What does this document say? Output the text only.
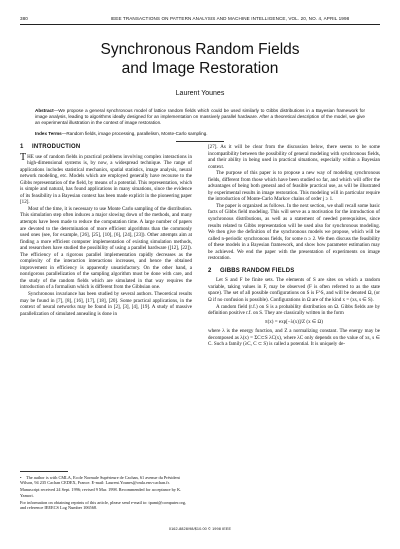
380	IEEE TRANSACTIONS ON PATTERN ANALYSIS AND MACHINE INTELLIGENCE, VOL. 20, NO. 4, APRIL 1998
Synchronous Random Fields
and Image Restoration
Laurent Younes
Abstract—We propose a general synchronous model of lattice random fields which could be used similarly to Gibbs distributions in a Bayesian framework for image analysis, leading to algorithms ideally designed for an implementation on massively parallel hardware. After a theoretical description of the model, we give an experimental illustration in the context of image restoration.
Index Terms—Random fields, image processing, parallelism, Monte-Carlo sampling.
1 INTRODUCTION

THE use of random fields in practical problems involving complex interactions in high-dimensional systems is, by now, a widespread technique. The range of applications includes statistical mechanics, spatial statistics, image analysis, neural network modeling, etc. Models which are employed generally have recourse to the Gibbs representation of the field, by means of a potential. This representation, which is simple and natural, has found applications in many situations, since the evidence of its feasibility in a Bayesian context has been made explicit in the pioneering paper [12].

Most of the time, it is necessary to use Monte Carlo sampling of the distribution. This simulation step often induces a major slowing down of the methods, and many attempts have been made to reduce the computation time. A large number of papers are devoted to the determination of more efficient algorithms than the commonly used ones (see, for example, [26], [25], [10], [6], [24], [23]). Other attempts aim at finding a more efficient computer implementation of existing simulation methods, and researchers have studied the possibility of using a parallel hardware ([12], [22]). The efficiency of a rigorous parallel implementation rapidly decreases as the complexity of the interaction interactions increases, and hence the obtained improvement in efficiency is apparently unsatisfactory. On the other hand, a nonrigorous parallelization of the sampling algorithm must be done with care, and the study of the random fields which are simulated in that way requires the introduction of a formalism which is different from the Gibbsian one.

Synchronous invariance has been studied by several authors. Theoretical results may be found in [7], [8], [16], [17], [18], [20]. Some practical applications, in the context of neural networks may be found in [2], [3], [4], [19]. A study of massive parallelization of simulated annealing is done in

[27]. As it will be clear from the discussion below, there seems to be some incompatibility between the possibility of general modeling with synchronous fields, and their ability in being used in practical situations, especially within a Bayesian context.

The purpose of this paper is to propose a new way of modeling synchronous fields, different from those which have been studied so far, and which will offer the advantages of being both general and of feasible practical use, as will be illustrated by experimental results in image restoration. This modeling will in particular require the introduction of Monte-Carlo Markov chains of order j ≥ 1.

The paper is organized as follows. In the next section, we shall recall some basic facts of Gibbs field modeling. This will serve as a motivation for the introduction of synchronous distributions, as well as a statement of needed prerequisites, since results related to Gibbs representation will be used also for synchronous modeling. We then give the definition of the synchronous models we propose, which will be called n-periodic synchronous fields, for some n ≥ 2. We then discuss the feasibility of these models in a Bayesian framework, and show how parameter estimation may be achieved. We end the paper with the presentation of experiments on image restoration.

2 GIBBS RANDOM FIELDS

Let S and F be finite sets. The elements of S are sites on which a random variable, taking values in F, may be observed (F is often referred to as the state space). The set of all possible configurations on S is F^S, and will be denoted Ω, (or Ω if no confusion is possible). Configurations in Ω are of the kind x = (xs, s ∈ S).

A random field (r.f.) on S is a probability distribution on Ω. Gibbs fields are by definition positive r.f. on S. They are classically written in the form

π(x) = exp[−λ(x)]/Z (x ∈ Ω)

where λ is the energy function, and Z a normalizing constant. The energy may be decomposed as λ(x) = ΣC⊂S λC(x), where λC only depends on the value of xs, s ∈ C. Such a family (λC, C ⊂ S) is called a potential. It is uniquely de-

• The author is with CMLA, Ecole Normale Supérieure de Cachan, 61 avenue du Président Wilson, 94 235 Cachan CEDEX, France. E-mail: Laurent.Younes@cmla.ens-cachan.fr.
Manuscript received 24 Sept. 1996; revised 9 Mar. 1998. Recommended for acceptance by K. Yamori.
For information on obtaining reprints of this article, please send e-mail to: tpami@computer.org, and reference IEEECS Log Number 106568.
0162-8828/98/$10.00 © 1998 IEEE
